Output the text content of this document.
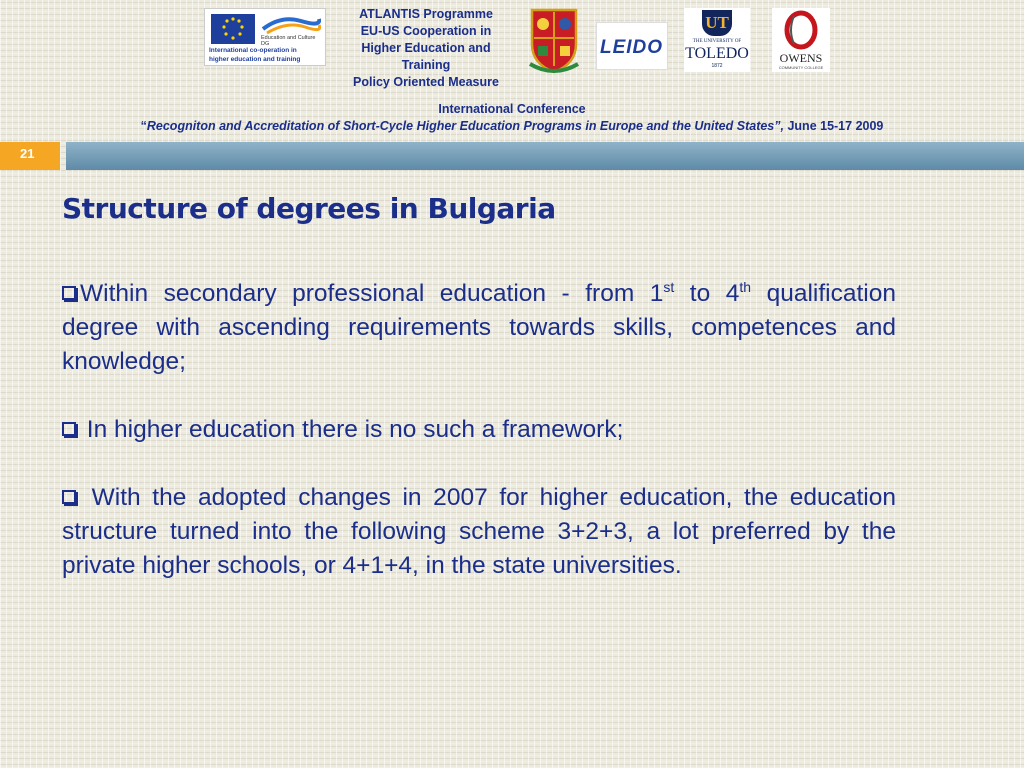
Education and Culture DG
International co-operation in
higher education and training
ATLANTIS Programme
EU-US Cooperation in
Higher Education and
Training
Policy Oriented Measure
LEIDO
UT
THE UNIVERSITY OF
TOLEDO
1872
OWENS
COMMUNITY COLLEGE
International Conference
“Recogniton and Accreditation of Short-Cycle Higher Education Programs in Europe and the United States”, June 15-17 2009
21
Structure of degrees in Bulgaria

Within secondary professional education - from 1st to 4th qualification degree with ascending requirements towards skills, competences and knowledge;

In higher education there is no such a framework;

With the adopted changes in 2007 for higher education, the education structure turned into the following scheme 3+2+3, a lot preferred by the private higher schools, or 4+1+4, in the state universities.
